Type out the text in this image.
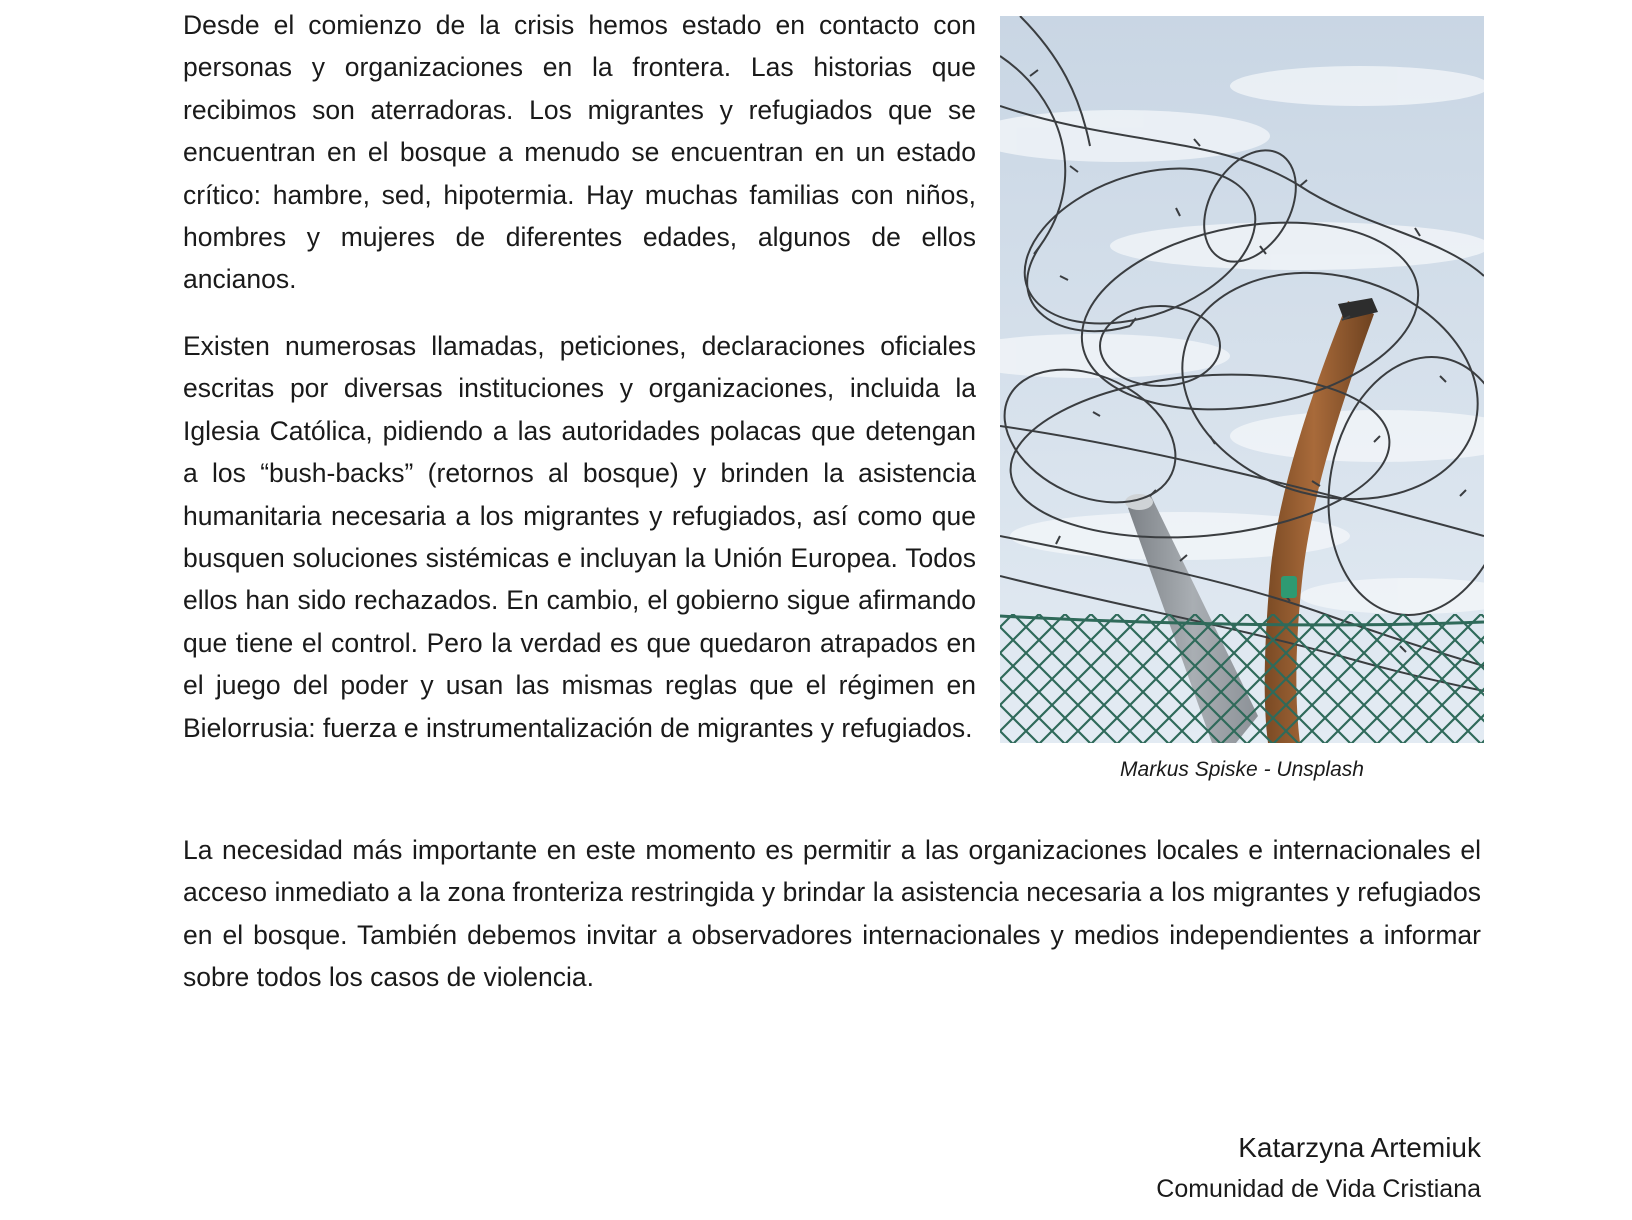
Desde el comienzo de la crisis hemos estado en contacto con personas y organizaciones en la frontera. Las historias que recibimos son aterradoras. Los migrantes y refugiados que se encuentran en el bosque a menudo se encuentran en un estado crítico: hambre, sed, hipotermia. Hay muchas familias con niños, hombres y mujeres de diferentes edades, algunos de ellos ancianos.

Existen numerosas llamadas, peticiones, declaraciones oficiales escritas por diversas instituciones y organizaciones, incluida la Iglesia Católica, pidiendo a las autoridades polacas que detengan a los “bush-backs” (retornos al bosque) y brinden la asistencia humanitaria necesaria a los migrantes y refugiados, así como que busquen soluciones sistémicas e incluyan la Unión Europea. Todos ellos han sido rechazados. En cambio, el gobierno sigue afirmando que tiene el control. Pero la verdad es que quedaron atrapados en el juego del poder y usan las mismas reglas que el régimen en Bielorrusia: fuerza e instrumentalización de migrantes y refugiados.

Markus Spiske - Unsplash

La necesidad más importante en este momento es permitir a las organizaciones locales e internacionales el acceso inmediato a la zona fronteriza restringida y brindar la asistencia necesaria a los migrantes y refugiados en el bosque. También debemos invitar a observadores internacionales y medios independientes a informar sobre todos los casos de violencia.

Katarzyna Artemiuk

Comunidad de Vida Cristiana
